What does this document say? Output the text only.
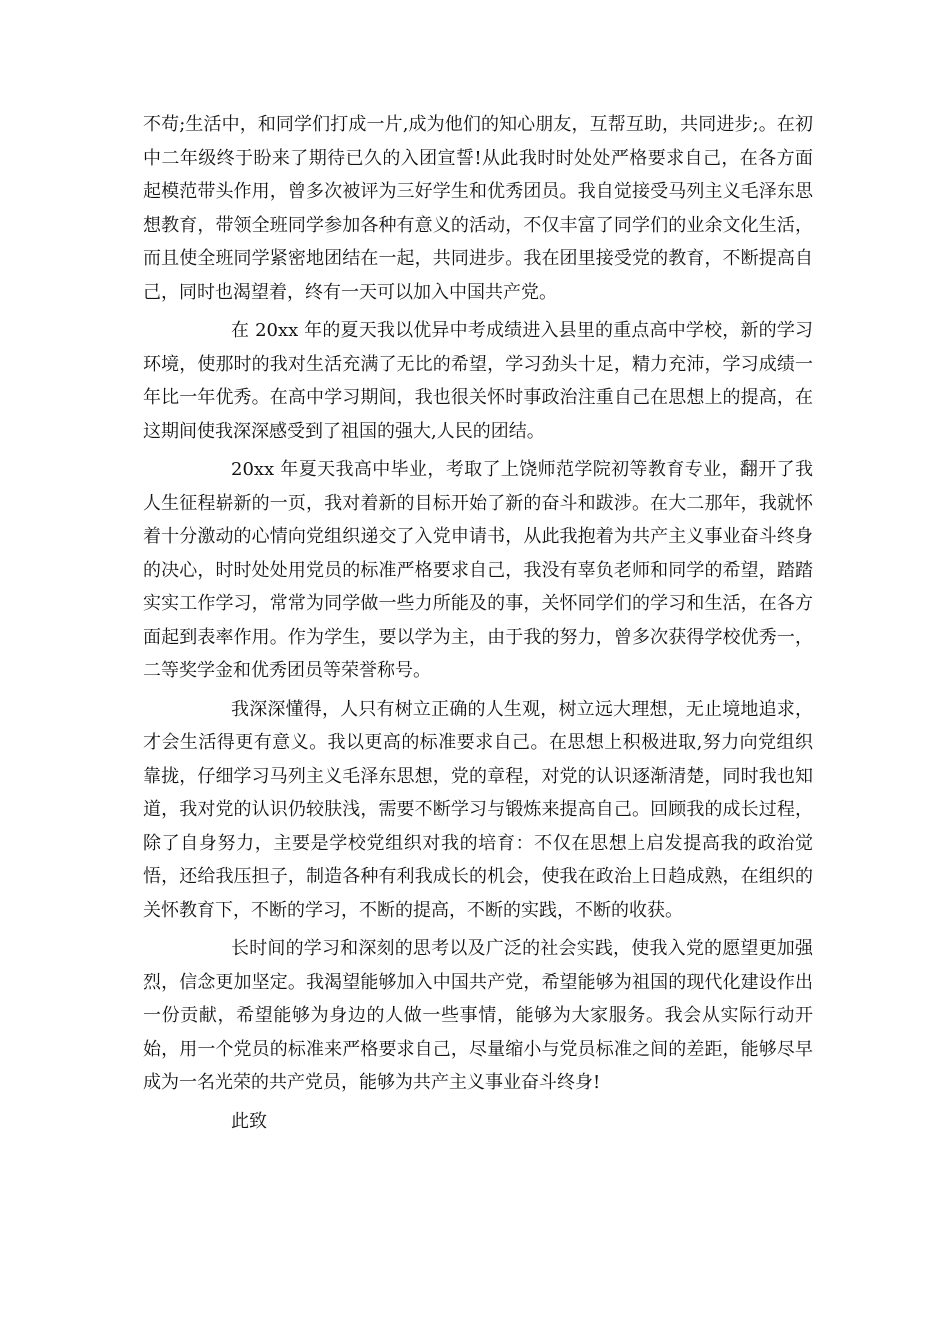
不苟;生活中，和同学们打成一片,成为他们的知心朋友，互帮互助，共同进步;。在初中二年级终于盼来了期待已久的入团宣誓!从此我时时处处严格要求自己，在各方面起模范带头作用，曾多次被评为三好学生和优秀团员。我自觉接受马列主义毛泽东思想教育，带领全班同学参加各种有意义的活动，不仅丰富了同学们的业余文化生活，而且使全班同学紧密地团结在一起，共同进步。我在团里接受党的教育，不断提高自己，同时也渴望着，终有一天可以加入中国共产党。

在 20xx 年的夏天我以优异中考成绩进入县里的重点高中学校，新的学习环境，使那时的我对生活充满了无比的希望，学习劲头十足，精力充沛，学习成绩一年比一年优秀。在高中学习期间，我也很关怀时事政治注重自己在思想上的提高，在这期间使我深深感受到了祖国的强大,人民的团结。

20xx 年夏天我高中毕业，考取了上饶师范学院初等教育专业，翻开了我人生征程崭新的一页，我对着新的目标开始了新的奋斗和跋涉。在大二那年，我就怀着十分激动的心情向党组织递交了入党申请书，从此我抱着为共产主义事业奋斗终身的决心，时时处处用党员的标准严格要求自己，我没有辜负老师和同学的希望，踏踏实实工作学习，常常为同学做一些力所能及的事，关怀同学们的学习和生活，在各方面起到表率作用。作为学生，要以学为主，由于我的努力，曾多次获得学校优秀一，二等奖学金和优秀团员等荣誉称号。

我深深懂得，人只有树立正确的人生观，树立远大理想，无止境地追求，才会生活得更有意义。我以更高的标准要求自己。在思想上积极进取,努力向党组织靠拢，仔细学习马列主义毛泽东思想，党的章程，对党的认识逐渐清楚，同时我也知道，我对党的认识仍较肤浅，需要不断学习与锻炼来提高自己。回顾我的成长过程，除了自身努力，主要是学校党组织对我的培育：不仅在思想上启发提高我的政治觉悟，还给我压担子，制造各种有利我成长的机会，使我在政治上日趋成熟，在组织的关怀教育下，不断的学习，不断的提高，不断的实践，不断的收获。

长时间的学习和深刻的思考以及广泛的社会实践，使我入党的愿望更加强烈，信念更加坚定。我渴望能够加入中国共产党，希望能够为祖国的现代化建设作出一份贡献，希望能够为身边的人做一些事情，能够为大家服务。我会从实际行动开始，用一个党员的标准来严格要求自己，尽量缩小与党员标准之间的差距，能够尽早成为一名光荣的共产党员，能够为共产主义事业奋斗终身!

此致
